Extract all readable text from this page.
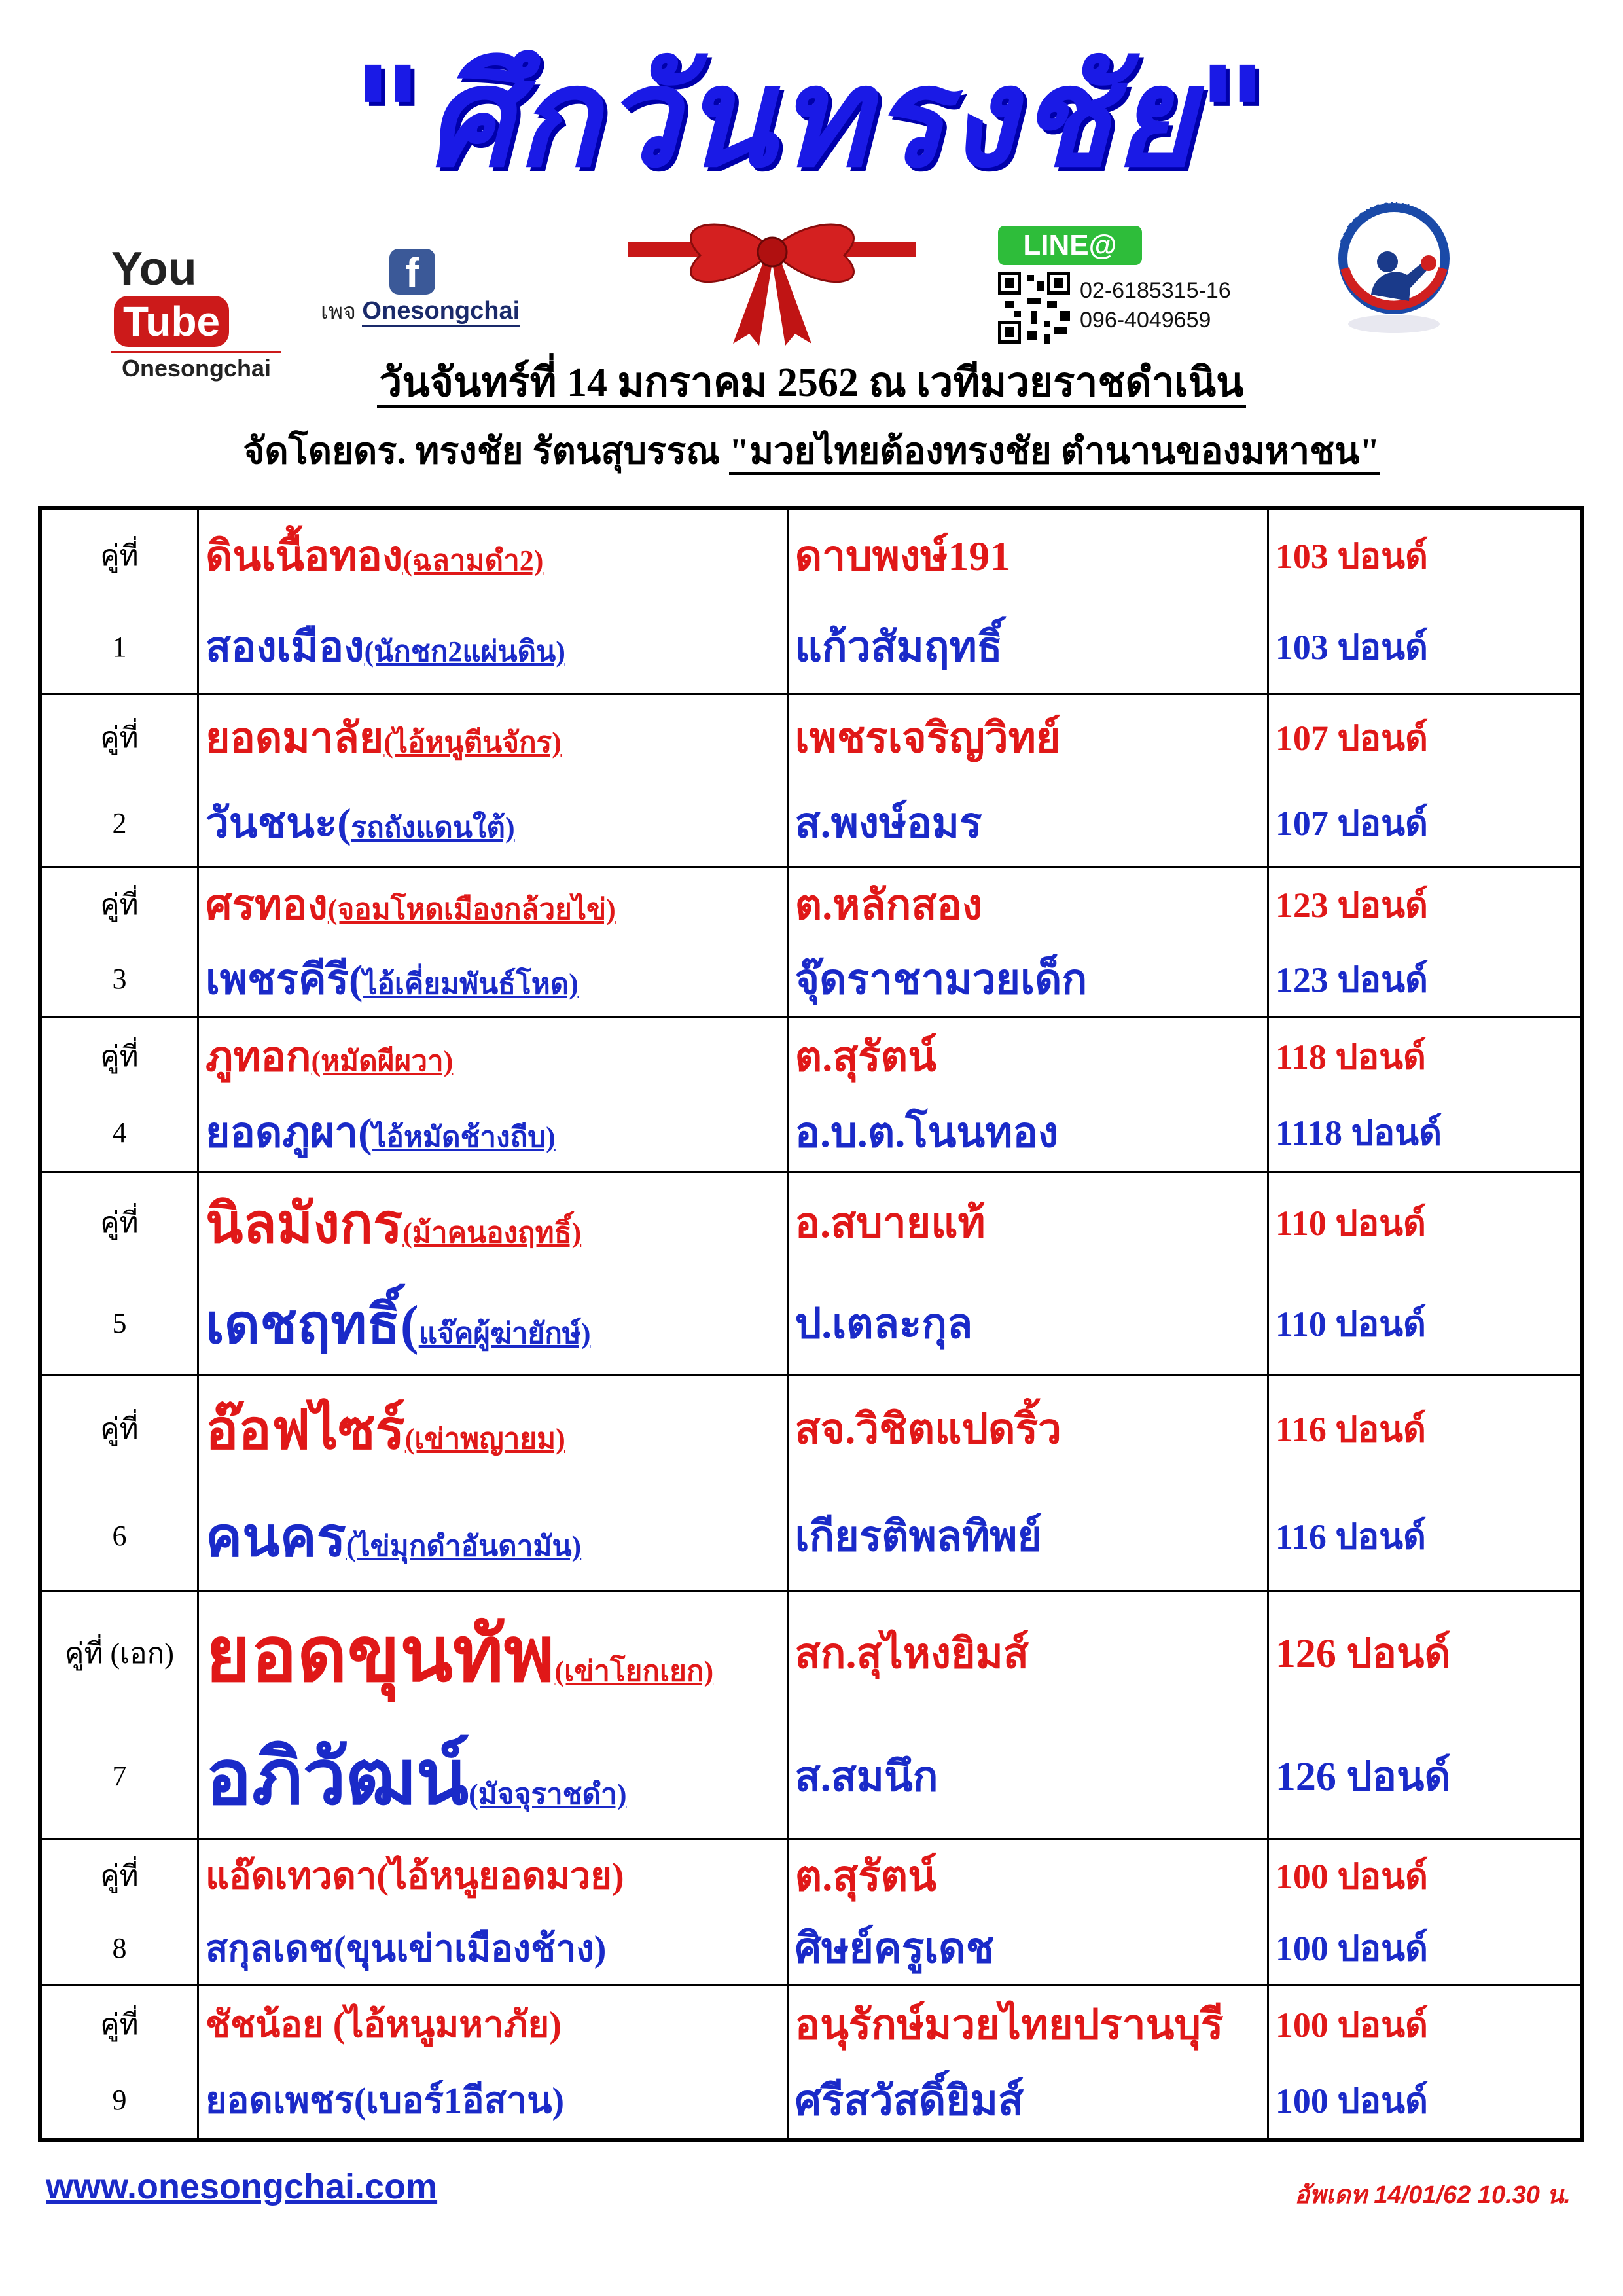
"ศึกวันทรงชัย"
YouTube
Onesongchai
f
เพจ Onesongchai
LINE@
02-6185315-16
096-4049659
ONESONGCHAI
วันจันทร์ที่ 14 มกราคม 2562 ณ เวทีมวยราชดำเนิน
จัดโดยดร. ทรงชัย รัตนสุบรรณ "มวยไทยต้องทรงชัย ตำนานของมหาชน"
คู่ที่	ดินเนื้อทอง(ฉลามดำ2)	ดาบพงษ์191	103 ปอนด์
1	สองเมือง(นักชก2แผ่นดิน)	แก้วสัมฤทธิ์	103 ปอนด์
คู่ที่	ยอดมาลัย(ไอ้หนูตีนจักร)	เพชรเจริญวิทย์	107 ปอนด์
2	วันชนะ(รถถังแดนใต้)	ส.พงษ์อมร	107 ปอนด์
คู่ที่	ศรทอง(จอมโหดเมืองกล้วยไข่)	ต.หลักสอง	123 ปอนด์
3	เพชรคีรี(ไอ้เคี่ยมพันธ์โหด)	จุ๊ดราชามวยเด็ก	123 ปอนด์
คู่ที่	ภูทอก(หมัดผีผวา)	ต.สุรัตน์	118 ปอนด์
4	ยอดภูผา(ไอ้หมัดช้างถีบ)	อ.บ.ต.โนนทอง	1118 ปอนด์
คู่ที่	นิลมังกร(ม้าคนองฤทธิ์)	อ.สบายแท้	110 ปอนด์
5	เดชฤทธิ์(แจ๊คผู้ฆ่ายักษ์)	ป.เตละกุล	110 ปอนด์
คู่ที่	อ๊อฟไซร์(เข่าพญายม)	สจ.วิชิตแปดริ้ว	116 ปอนด์
6	คนคร(ไข่มุกดำอันดามัน)	เกียรติพลทิพย์	116 ปอนด์
คู่ที่ (เอก)	ยอดขุนทัพ(เข่าโยกเยก)	สก.สุไหงยิมส์	126 ปอนด์
7	อภิวัฒน์(มัจจุราชดำ)	ส.สมนึก	126 ปอนด์
คู่ที่	แอ๊ดเทวดา(ไอ้หนูยอดมวย)	ต.สุรัตน์	100 ปอนด์
8	สกุลเดช(ขุนเข่าเมืองช้าง)	ศิษย์ครูเดช	100 ปอนด์
คู่ที่	ชัชน้อย (ไอ้หนูมหาภัย)	อนุรักษ์มวยไทยปรานบุรี	100 ปอนด์
9	ยอดเพชร(เบอร์1อีสาน)	ศรีสวัสดิ์ยิมส์	100 ปอนด์
www.onesongchai.com	อัพเดท 14/01/62 10.30 น.
